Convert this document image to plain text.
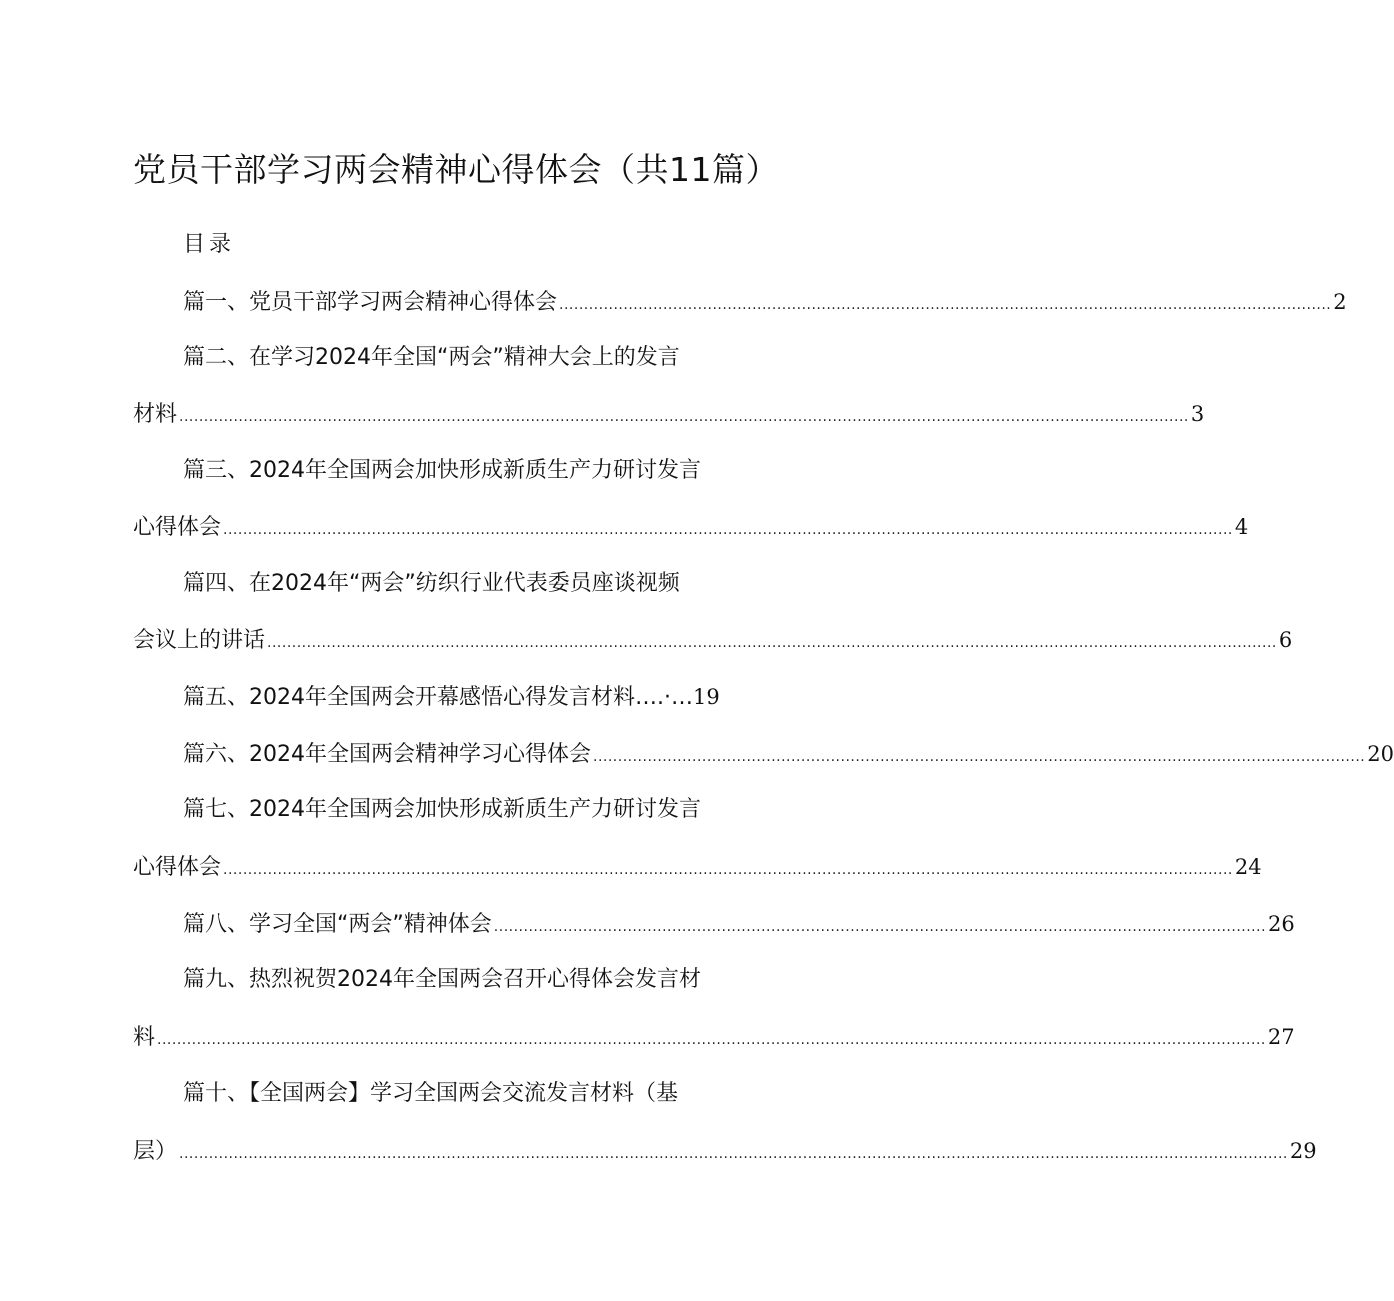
党员干部学习两会精神心得体会（共11篇）
目录
篇一、党员干部学习两会精神心得体会 ............................................................................................................................................................ 2
篇二、在学习2024年全国“两会”精神大会上的发言
材料 ............................................................................................................................................................................................................ 3
篇三、2024年全国两会加快形成新质生产力研讨发言
心得体会 ............................................................................................................................................................................................................ 4
篇四、在2024年“两会”纺织行业代表委员座谈视频
会议上的讲话 ............................................................................................................................................................................................................ 6
篇五、2024年全国两会开幕感悟心得发言材料….·… 19
篇六、2024年全国两会精神学习心得体会 ............................................................................................................................................................ 20
篇七、2024年全国两会加快形成新质生产力研讨发言
心得体会 ............................................................................................................................................................................................................ 24
篇八、学习全国“两会”精神体会 ............................................................................................................................................................ 26
篇九、热烈祝贺2024年全国两会召开心得体会发言材
料 ................................................................................................................................................................................................................................ 27
篇十、【全国两会】学习全国两会交流发言材料（基
层） ................................................................................................................................................................................................................................ 29
